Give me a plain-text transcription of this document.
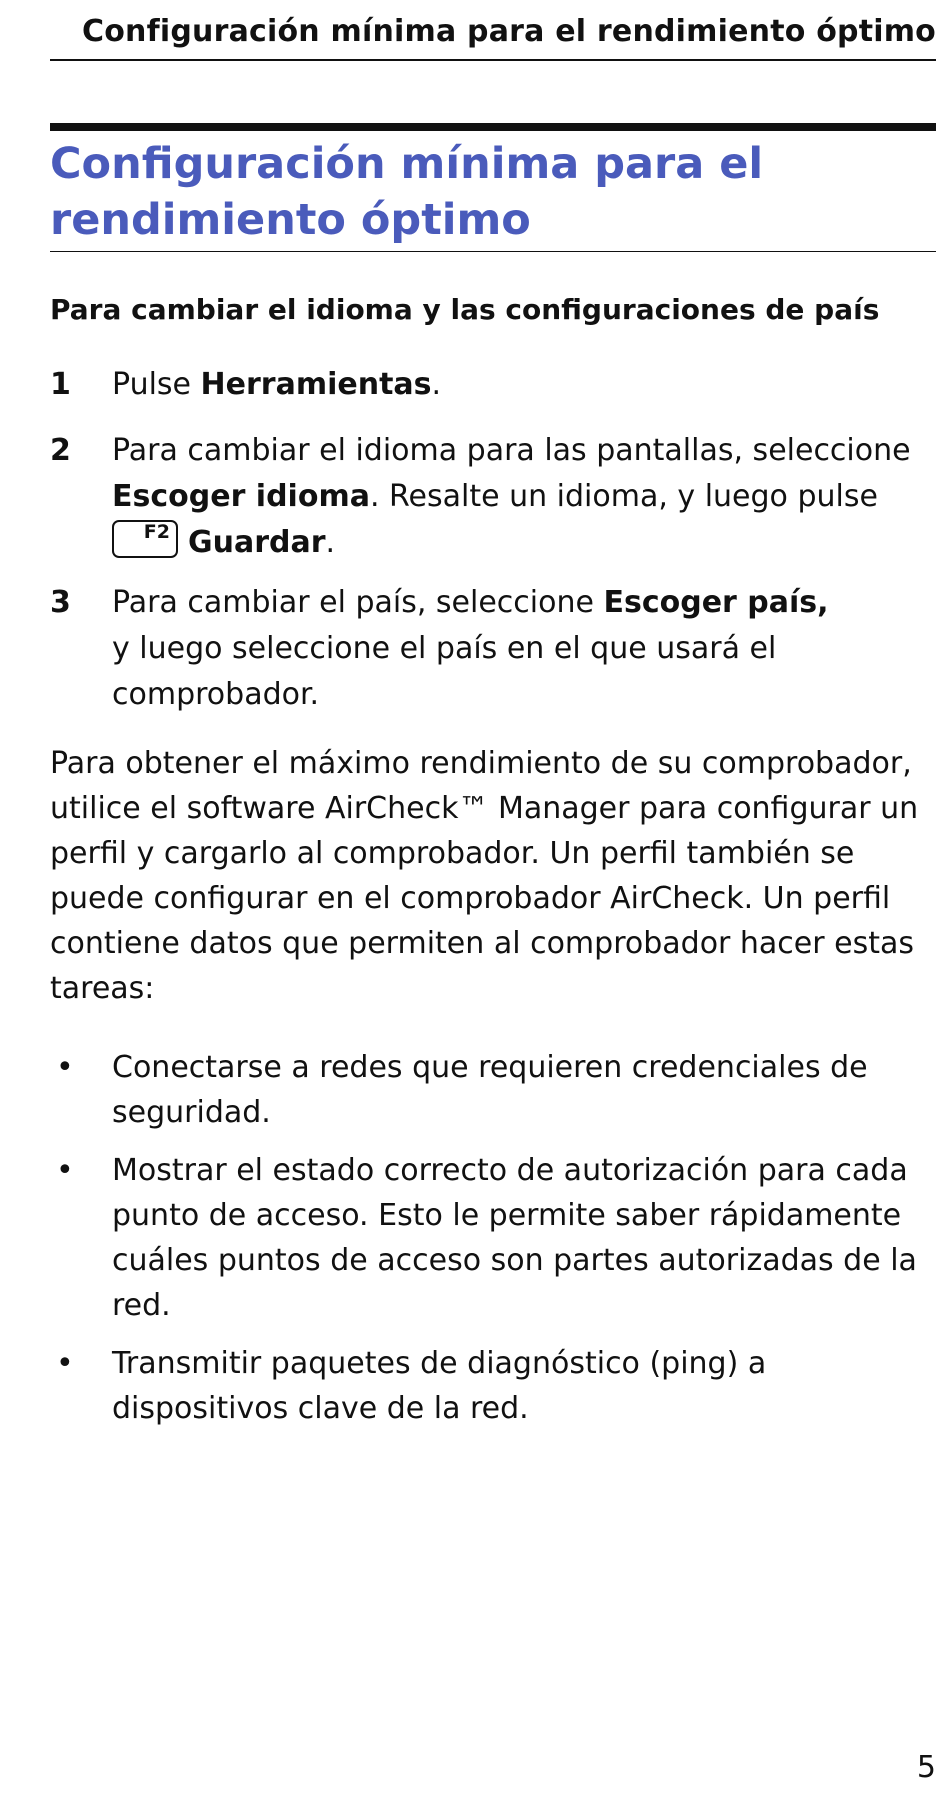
Configuración mínima para el rendimiento óptimo
Configuración mínima para el rendimiento óptimo
Para cambiar el idioma y las configuraciones de país
1 Pulse Herramientas.
2 Para cambiar el idioma para las pantallas, seleccione Escoger idioma. Resalte un idioma, y luego pulse

F2 Guardar.
3 Para cambiar el país, seleccione Escoger país,
y luego seleccione el país en el que usará el comprobador.

Para obtener el máximo rendimiento de su comprobador, utilice el software AirCheck™ Manager para configurar un perfil y cargarlo al comprobador. Un perfil también se puede configurar en el comprobador AirCheck. Un perfil contiene datos que permiten al comprobador hacer estas tareas:

• Conectarse a redes que requieren credenciales de seguridad.
• Mostrar el estado correcto de autorización para cada punto de acceso. Esto le permite saber rápidamente cuáles puntos de acceso son partes autorizadas de la red.
• Transmitir paquetes de diagnóstico (ping) a dispositivos clave de la red.
5
